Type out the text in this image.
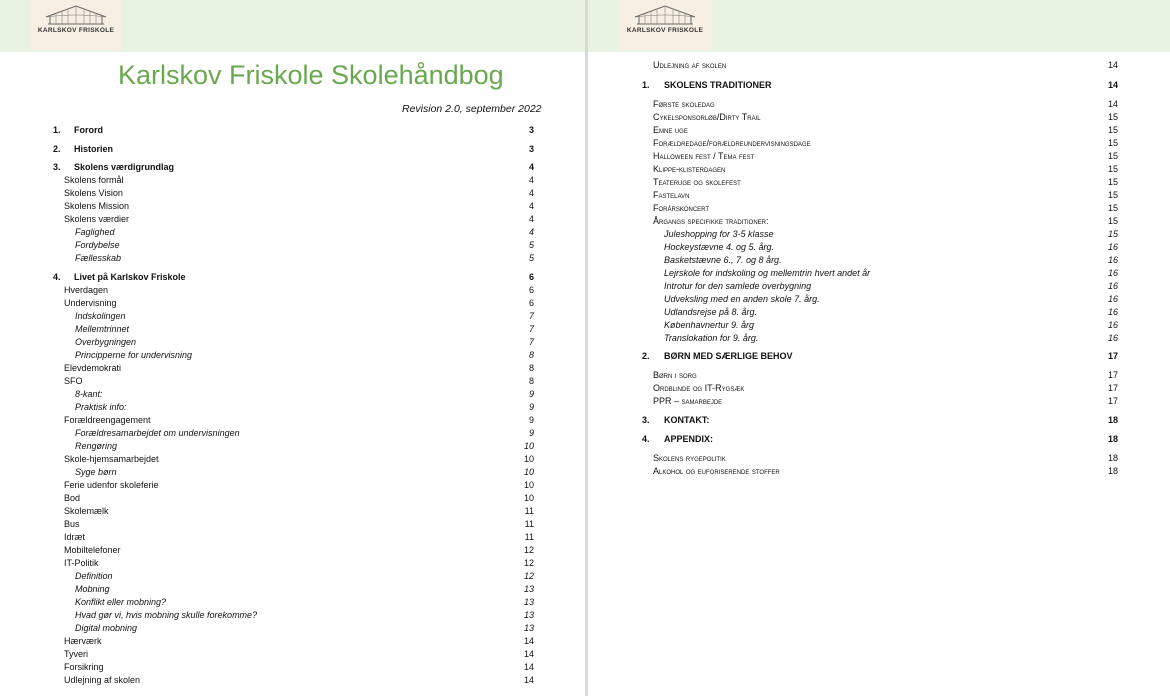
KARLSKOV FRISKOLE
Karlskov Friskole Skolehåndbog
Revision 2.0, september 2022
1. Forord	3
2. Historien	3
3. Skolens værdigrundlag	4
Skolens formål	4
Skolens Vision	4
Skolens Mission	4
Skolens værdier	4
Faglighed	4
Fordybelse	5
Fællesskab	5
4. Livet på Karlskov Friskole	6
Hverdagen	6
Undervisning	6
Indskolingen	7
Mellemtrinnet	7
Overbygningen	7
Principperne for undervisning	8
Elevdemokrati	8
SFO	8
8-kant:	9
Praktisk info:	9
Forældreengagement	9
Forældresamarbejdet om undervisningen	9
Rengøring	10
Skole-hjemsamarbejdet	10
Syge børn	10
Ferie udenfor skoleferie	10
Bod	10
Skolemælk	11
Bus	11
Idræt	11
Mobiltelefoner	12
IT-Politik	12
Definition	12
Mobning	13
Konflikt eller mobning?	13
Hvad gør vi, hvis mobning skulle forekomme?	13
Digital mobning	13
Hærværk	14
Tyveri	14
Forsikring	14
Udlejning af skolen	14
KARLSKOV FRISKOLE
Udlejning af skolen	14
1. SKOLENS TRADITIONER	14
Første skoledag	14
Cykelsponsorløb/Dirty Trail	15
Emne uge	15
Forældredage/forældreundervisningsdage	15
Halloween fest / Tema fest	15
Klippe-klisterdagen	15
Teateruge og skolefest	15
Fastelavn	15
Forårskoncert	15
Årgangs specifikke traditioner:	15
Juleshopping for 3-5 klasse	15
Hockeystævne 4. og 5. årg.	16
Basketstævne 6., 7. og 8 årg.	16
Lejrskole for indskoling og mellemtrin hvert andet år	16
Introtur for den samlede overbygning	16
Udveksling med en anden skole 7. årg.	16
Udlandsrejse på 8. årg.	16
Københavnertur 9. årg	16
Translokation for 9. årg.	16
2. BØRN MED SÆRLIGE BEHOV	17
Børn i sorg	17
Ordblinde og IT-Rygsæk	17
PPR – samarbejde	17
3. KONTAKT:	18
4. APPENDIX:	18
Skolens rygepolitik	18
Alkohol og euforiserende stoffer	18
